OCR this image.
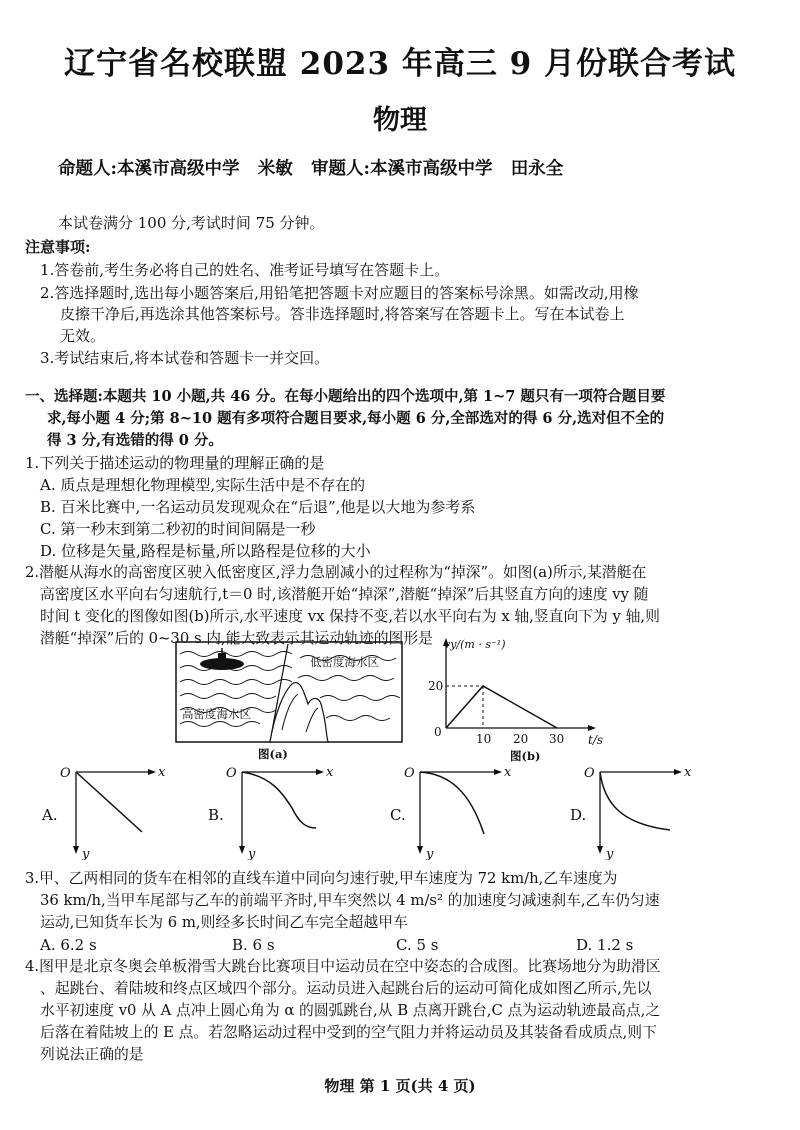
辽宁省名校联盟 2023 年高三 9 月份联合考试
物理
命题人:本溪市高级中学   米敏   审题人:本溪市高级中学   田永全
本试卷满分 100 分,考试时间 75 分钟。
注意事项:
1.答卷前,考生务必将自己的姓名、准考证号填写在答题卡上。
2.答选择题时,选出每小题答案后,用铅笔把答题卡对应题目的答案标号涂黑。如需改动,用橡
皮擦干净后,再选涂其他答案标号。答非选择题时,将答案写在答题卡上。写在本试卷上
无效。
3.考试结束后,将本试卷和答题卡一并交回。
一、选择题:本题共 10 小题,共 46 分。在每小题给出的四个选项中,第 1~7 题只有一项符合题目要
求,每小题 4 分;第 8~10 题有多项符合题目要求,每小题 6 分,全部选对的得 6 分,选对但不全的
得 3 分,有选错的得 0 分。
1.下列关于描述运动的物理量的理解正确的是
A. 质点是理想化物理模型,实际生活中是不存在的
B. 百米比赛中,一名运动员发现观众在“后退”,他是以大地为参考系
C. 第一秒末到第二秒初的时间间隔是一秒
D. 位移是矢量,路程是标量,所以路程是位移的大小
2.潜艇从海水的高密度区驶入低密度区,浮力急剧减小的过程称为“掉深”。如图(a)所示,某潜艇在
高密度区水平向右匀速航行,t＝0 时,该潜艇开始“掉深”,潜艇“掉深”后其竖直方向的速度 vy 随
时间 t 变化的图像如图(b)所示,水平速度 vx 保持不变,若以水平向右为 x 轴,竖直向下为 y 轴,则
潜艇“掉深”后的 0~30 s 内,能大致表示其运动轨迹的图形是
低密度海水区
高密度海水区
图(a)
vy/(m · s⁻¹)
20
0	10 20 30 t/s
图(b)
O	x
y
A.
O	x
y
B.
O	x
y
C.
O	x
y
D.
3.甲、乙两相同的货车在相邻的直线车道中同向匀速行驶,甲车速度为 72 km/h,乙车速度为
36 km/h,当甲车尾部与乙车的前端平齐时,甲车突然以 4 m/s² 的加速度匀减速刹车,乙车仍匀速
运动,已知货车长为 6 m,则经多长时间乙车完全超越甲车
A. 6.2 s	B. 6 s	C. 5 s	D. 1.2 s
4.图甲是北京冬奥会单板滑雪大跳台比赛项目中运动员在空中姿态的合成图。比赛场地分为助滑区
、起跳台、着陆坡和终点区域四个部分。运动员进入起跳台后的运动可简化成如图乙所示,先以
水平初速度 v0 从 A 点冲上圆心角为 α 的圆弧跳台,从 B 点离开跳台,C 点为运动轨迹最高点,之
后落在着陆坡上的 E 点。若忽略运动过程中受到的空气阻力并将运动员及其装备看成质点,则下
列说法正确的是
物理 第 1 页(共 4 页)
